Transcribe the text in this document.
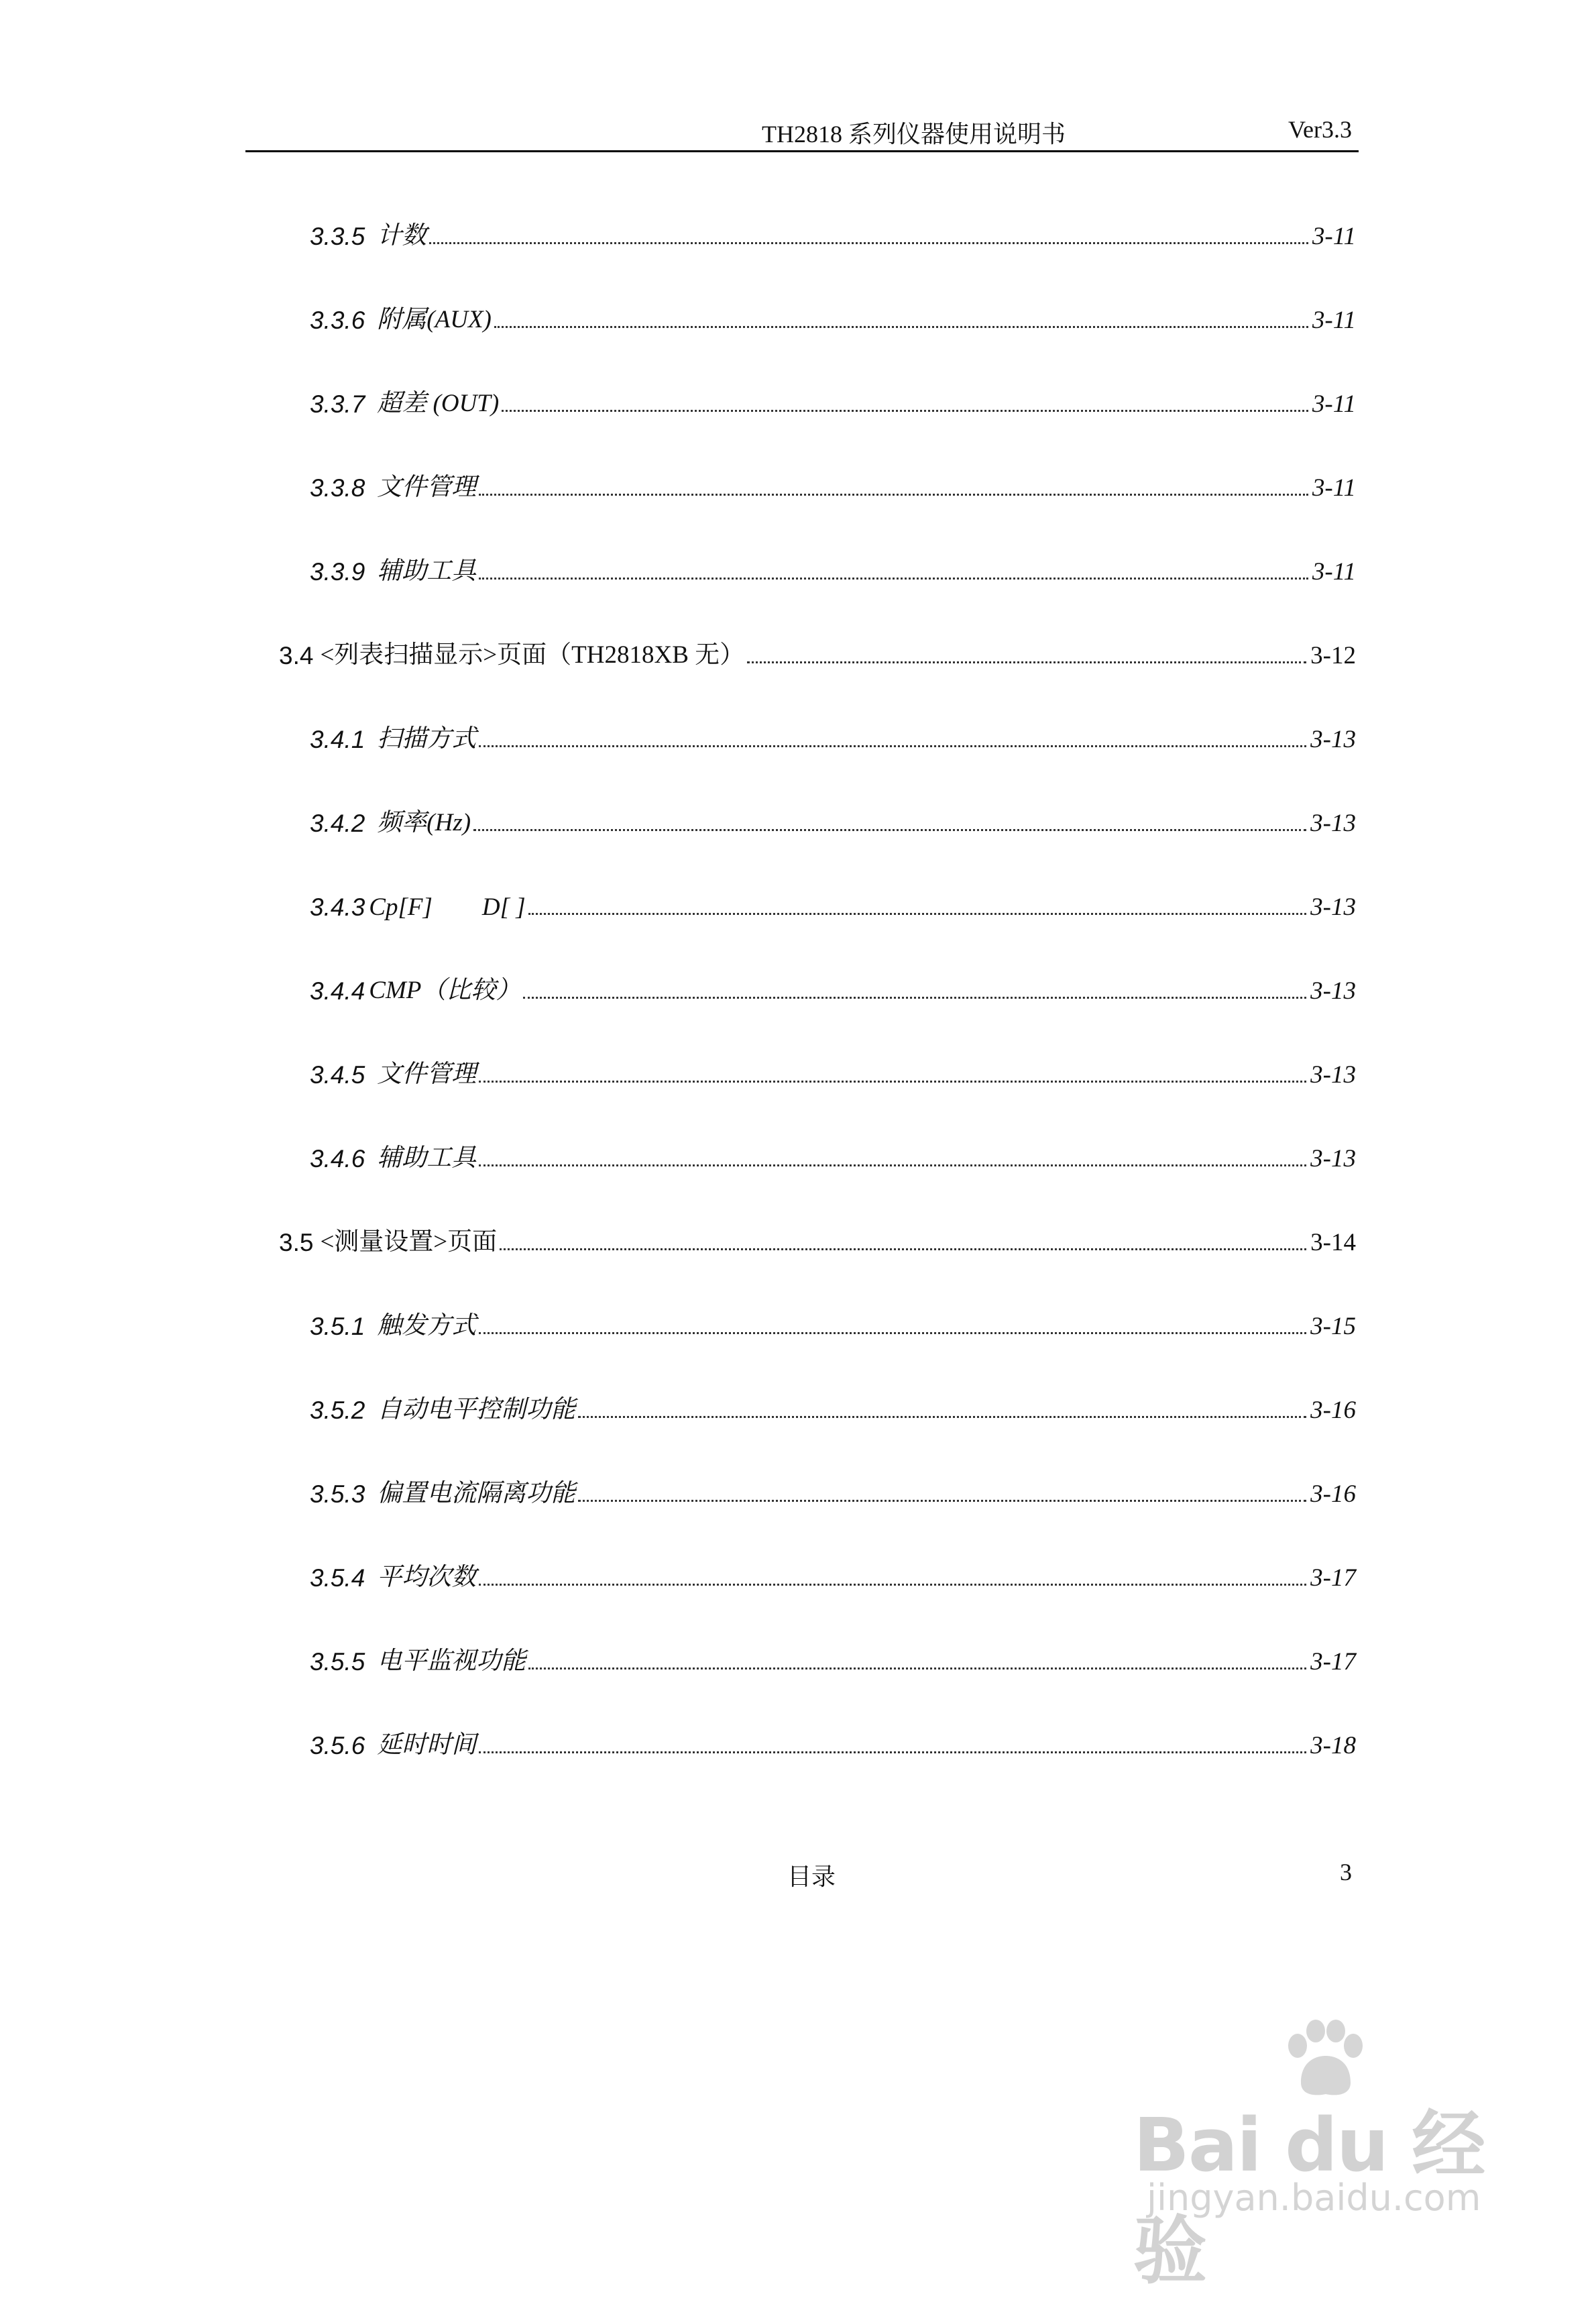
TH2818 系列仪器使用说明书	Ver3.3
3.3.5 计数	3-11
3.3.6 附属(AUX)	3-11
3.3.7 超差 (OUT)	3-11
3.3.8 文件管理	3-11
3.3.9 辅助工具	3-11
3.4 <列表扫描显示>页面（TH2818XB 无）	3-12
3.4.1 扫描方式	3-13
3.4.2 频率(Hz)	3-13
3.4.3 Cp[F]        D[ ]	3-13
3.4.4 CMP（比较）	3-13
3.4.5 文件管理	3-13
3.4.6 辅助工具	3-13
3.5 <测量设置>页面	3-14
3.5.1 触发方式	3-15
3.5.2 自动电平控制功能	3-16
3.5.3 偏置电流隔离功能	3-16
3.5.4 平均次数	3-17
3.5.5 电平监视功能	3-17
3.5.6 延时时间	3-18
目录	3
Bai du 经验
jingyan.baidu.com
